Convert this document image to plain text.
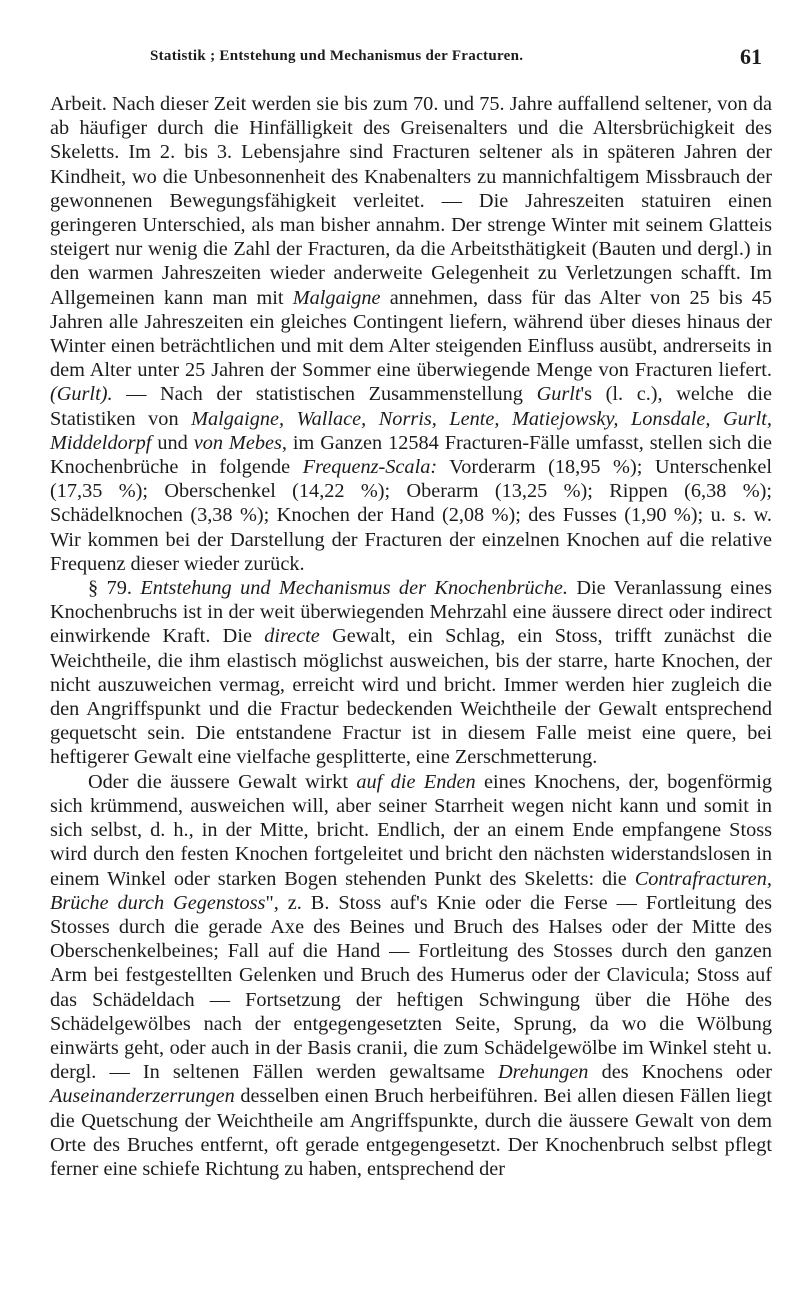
Statistik ; Entstehung und Mechanismus der Fracturen.	61

Arbeit. Nach dieser Zeit werden sie bis zum 70. und 75. Jahre auffallend seltener, von da ab häufiger durch die Hinfälligkeit des Greisenalters und die Altersbrüchigkeit des Skeletts. Im 2. bis 3. Lebensjahre sind Fracturen seltener als in späteren Jahren der Kindheit, wo die Unbesonnenheit des Knabenalters zu mannichfaltigem Missbrauch der gewonnenen Bewegungsfähigkeit verleitet. — Die Jahreszeiten statuiren einen geringeren Unterschied, als man bisher annahm. Der strenge Winter mit seinem Glatteis steigert nur wenig die Zahl der Fracturen, da die Arbeitsthätigkeit (Bauten und dergl.) in den warmen Jahreszeiten wieder anderweite Gelegenheit zu Verletzungen schafft. Im Allgemeinen kann man mit Malgaigne annehmen, dass für das Alter von 25 bis 45 Jahren alle Jahreszeiten ein gleiches Contingent liefern, während über dieses hinaus der Winter einen beträchtlichen und mit dem Alter steigenden Einfluss ausübt, andrerseits in dem Alter unter 25 Jahren der Sommer eine überwiegende Menge von Fracturen liefert. (Gurlt). — Nach der statistischen Zusammenstellung Gurlt's (l. c.), welche die Statistiken von Malgaigne, Wallace, Norris, Lente, Matiejowsky, Lonsdale, Gurlt, Middeldorpf und von Mebes, im Ganzen 12584 Fracturen-Fälle umfasst, stellen sich die Knochenbrüche in folgende Frequenz-Scala: Vorderarm (18,95 %); Unterschenkel (17,35 %); Oberschenkel (14,22 %); Oberarm (13,25 %); Rippen (6,38 %); Schädelknochen (3,38 %); Knochen der Hand (2,08 %); des Fusses (1,90 %); u. s. w. Wir kommen bei der Darstellung der Fracturen der einzelnen Knochen auf die relative Frequenz dieser wieder zurück.

§ 79. Entstehung und Mechanismus der Knochenbrüche. Die Veranlassung eines Knochenbruchs ist in der weit überwiegenden Mehrzahl eine äussere direct oder indirect einwirkende Kraft. Die directe Gewalt, ein Schlag, ein Stoss, trifft zunächst die Weichtheile, die ihm elastisch möglichst ausweichen, bis der starre, harte Knochen, der nicht auszuweichen vermag, erreicht wird und bricht. Immer werden hier zugleich die den Angriffspunkt und die Fractur bedeckenden Weichtheile der Gewalt entsprechend gequetscht sein. Die entstandene Fractur ist in diesem Falle meist eine quere, bei heftigerer Gewalt eine vielfache gesplitterte, eine Zerschmetterung.

Oder die äussere Gewalt wirkt auf die Enden eines Knochens, der, bogenförmig sich krümmend, ausweichen will, aber seiner Starrheit wegen nicht kann und somit in sich selbst, d. h., in der Mitte, bricht. Endlich, der an einem Ende empfangene Stoss wird durch den festen Knochen fortgeleitet und bricht den nächsten widerstandslosen in einem Winkel oder starken Bogen stehenden Punkt des Skeletts: die Contrafracturen, Brüche durch Gegenstoss", z. B. Stoss auf's Knie oder die Ferse — Fortleitung des Stosses durch die gerade Axe des Beines und Bruch des Halses oder der Mitte des Oberschenkelbeines; Fall auf die Hand — Fortleitung des Stosses durch den ganzen Arm bei festgestellten Gelenken und Bruch des Humerus oder der Clavicula; Stoss auf das Schädeldach — Fortsetzung der heftigen Schwingung über die Höhe des Schädelgewölbes nach der entgegengesetzten Seite, Sprung, da wo die Wölbung einwärts geht, oder auch in der Basis cranii, die zum Schädelgewölbe im Winkel steht u. dergl. — In seltenen Fällen werden gewaltsame Drehungen des Knochens oder Auseinanderzerrungen desselben einen Bruch herbeiführen. Bei allen diesen Fällen liegt die Quetschung der Weichtheile am Angriffspunkte, durch die äussere Gewalt von dem Orte des Bruches entfernt, oft gerade entgegengesetzt. Der Knochenbruch selbst pflegt ferner eine schiefe Richtung zu haben, entsprechend der
